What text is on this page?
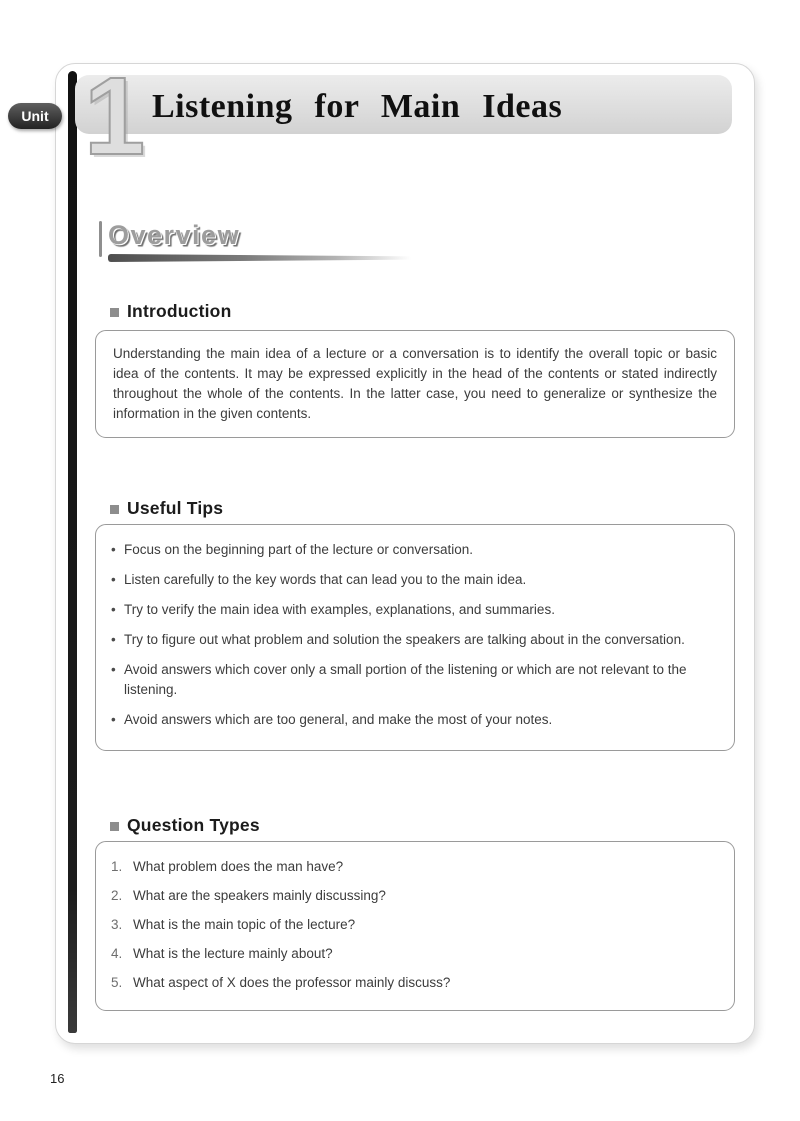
Unit 1 Listening for Main Ideas
Overview
Introduction

Understanding the main idea of a lecture or a conversation is to identify the overall topic or basic idea of the contents. It may be expressed explicitly in the head of the contents or stated indirectly throughout the whole of the contents. In the latter case, you need to generalize or synthesize the information in the given contents.

Useful Tips
• Focus on the beginning part of the lecture or conversation.
• Listen carefully to the key words that can lead you to the main idea.
• Try to verify the main idea with examples, explanations, and summaries.
• Try to figure out what problem and solution the speakers are talking about in the conversation.
• Avoid answers which cover only a small portion of the listening or which are not relevant to the listening.
• Avoid answers which are too general, and make the most of your notes.
Question Types
1. What problem does the man have?
2. What are the speakers mainly discussing?
3. What is the main topic of the lecture?
4. What is the lecture mainly about?
5. What aspect of X does the professor mainly discuss?
16
